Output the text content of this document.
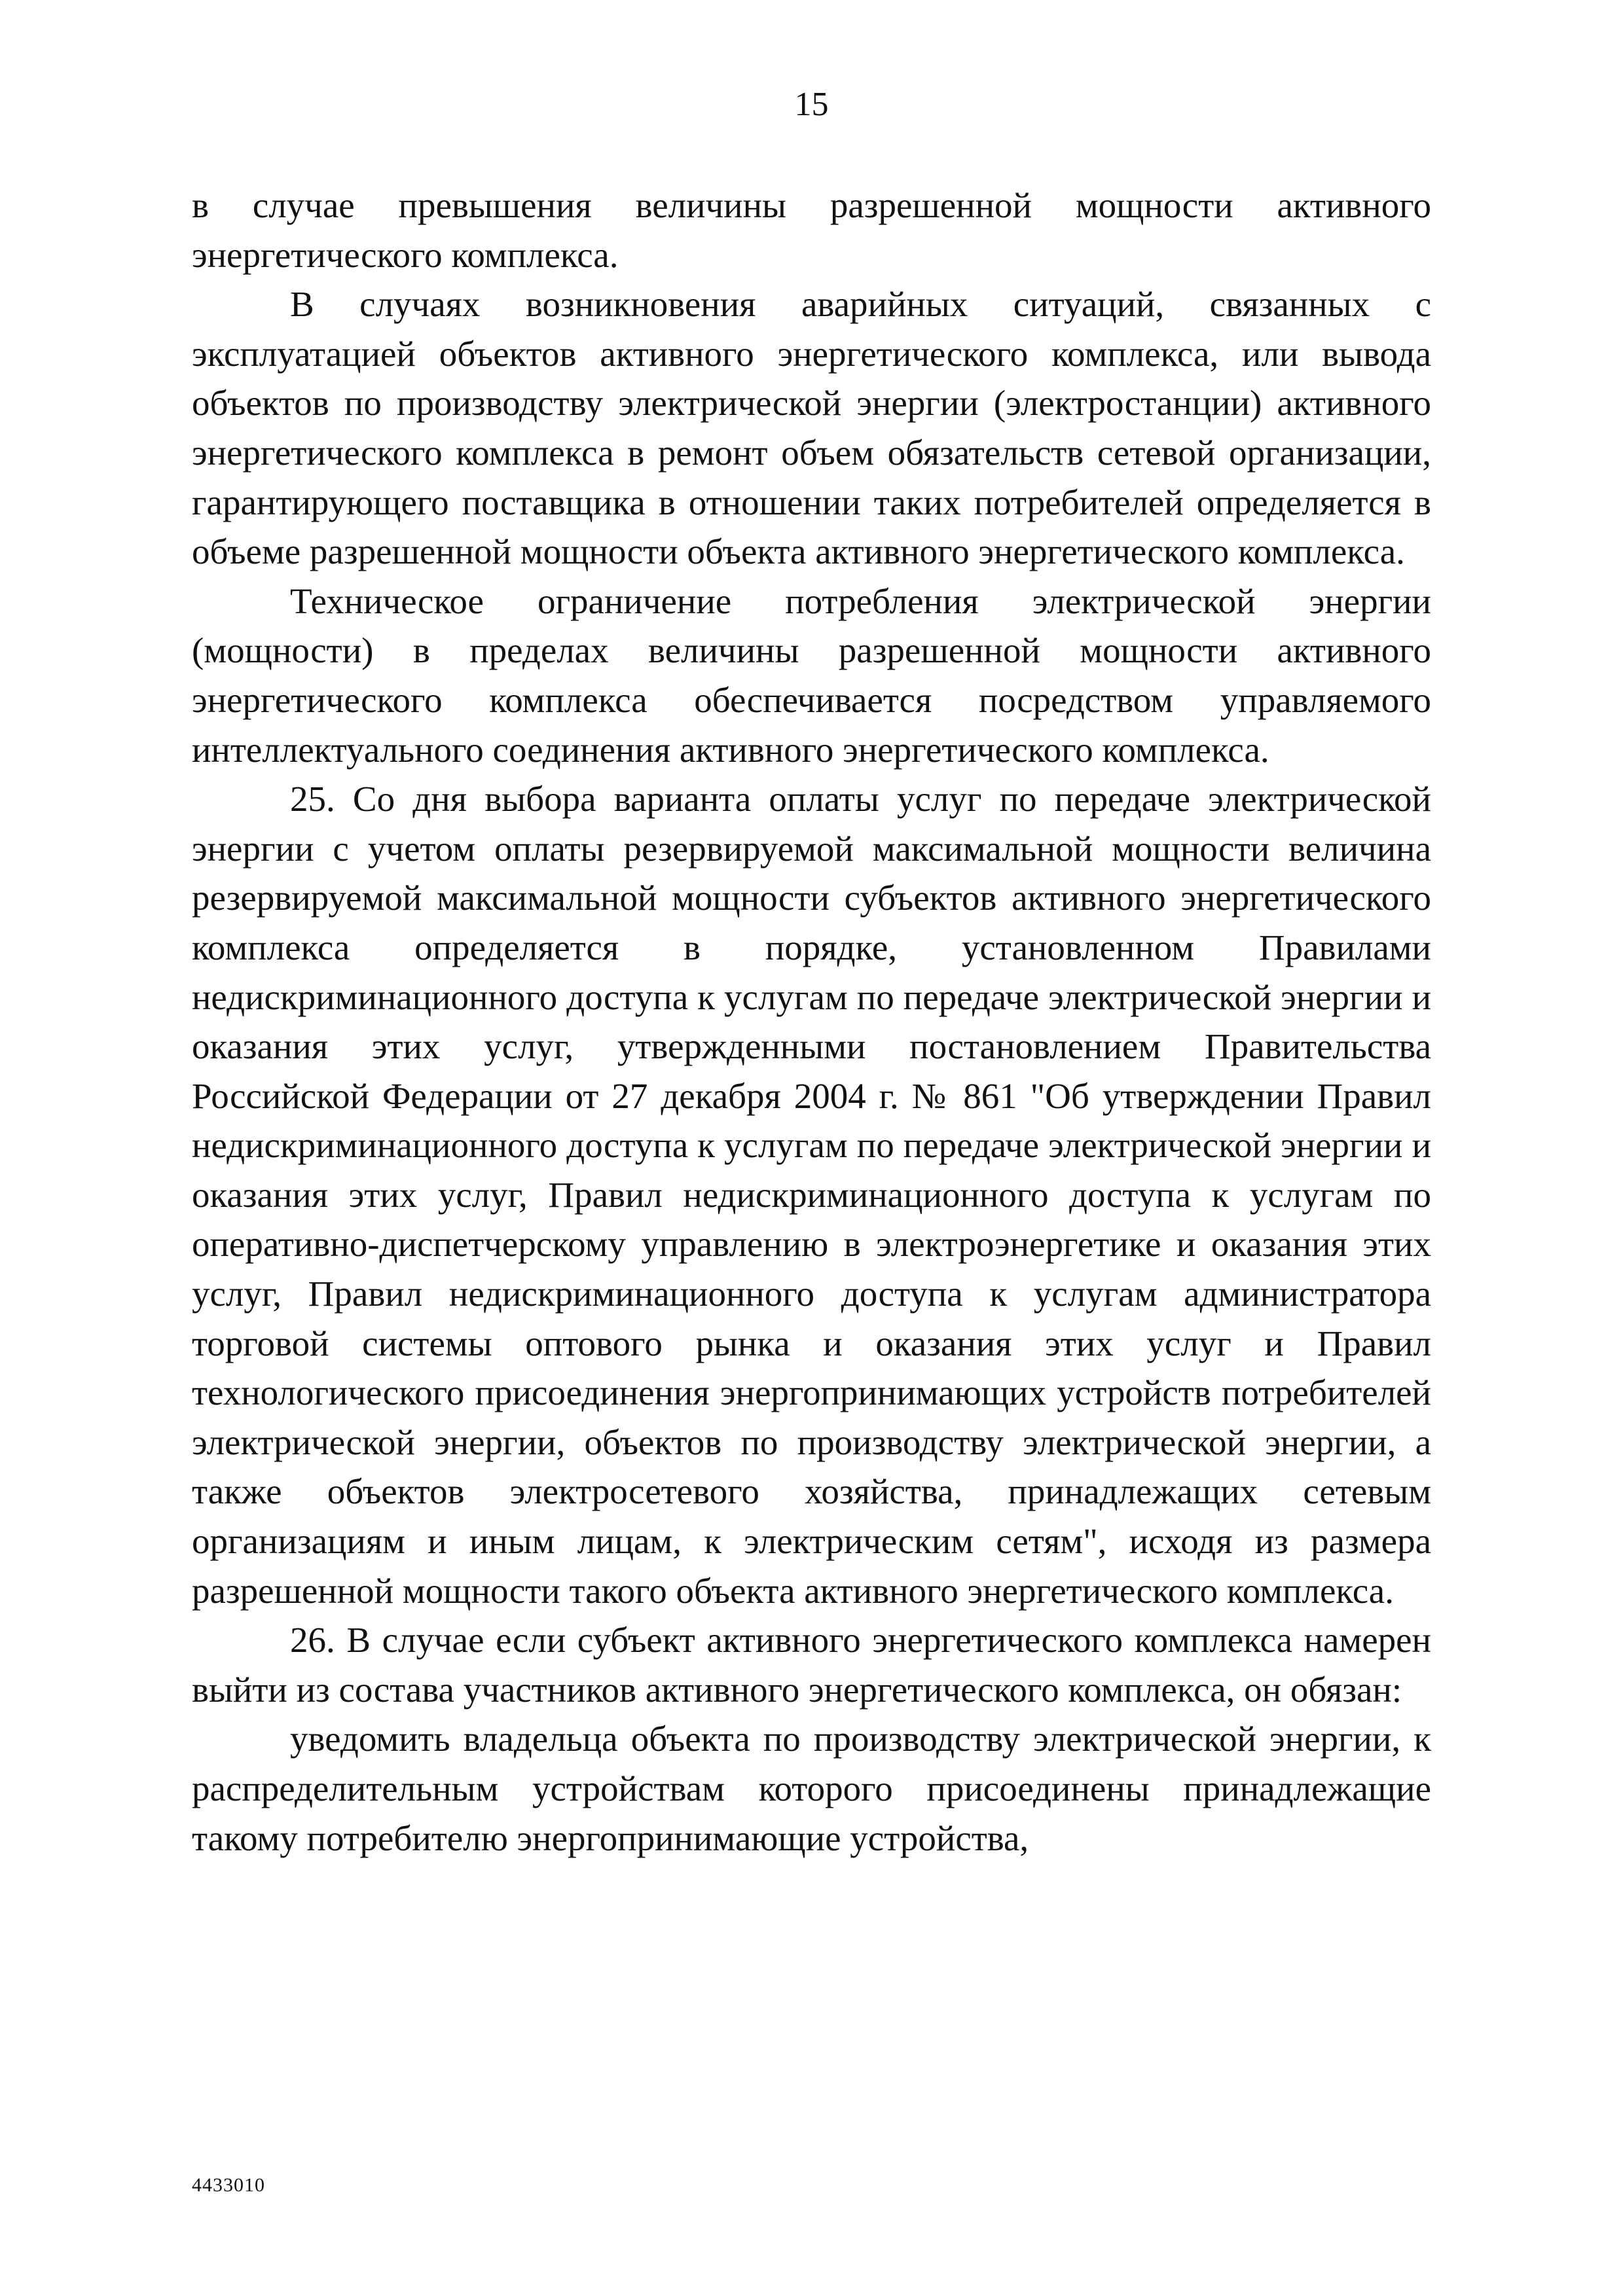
15

в случае превышения величины разрешенной мощности активного энергетического комплекса.

В случаях возникновения аварийных ситуаций, связанных с эксплуатацией объектов активного энергетического комплекса, или вывода объектов по производству электрической энергии (электростанции) активного энергетического комплекса в ремонт объем обязательств сетевой организации, гарантирующего поставщика в отношении таких потребителей определяется в объеме разрешенной мощности объекта активного энергетического комплекса.

Техническое ограничение потребления электрической энергии (мощности) в пределах величины разрешенной мощности активного энергетического комплекса обеспечивается посредством управляемого интеллектуального соединения активного энергетического комплекса.

25. Со дня выбора варианта оплаты услуг по передаче электрической энергии с учетом оплаты резервируемой максимальной мощности величина резервируемой максимальной мощности субъектов активного энергетического комплекса определяется в порядке, установленном Правилами недискриминационного доступа к услугам по передаче электрической энергии и оказания этих услуг, утвержденными постановлением Правительства Российской Федерации от 27 декабря 2004 г. № 861 "Об утверждении Правил недискриминационного доступа к услугам по передаче электрической энергии и оказания этих услуг, Правил недискриминационного доступа к услугам по оперативно-диспетчерскому управлению в электроэнергетике и оказания этих услуг, Правил недискриминационного доступа к услугам администратора торговой системы оптового рынка и оказания этих услуг и Правил технологического присоединения энергопринимающих устройств потребителей электрической энергии, объектов по производству электрической энергии, а также объектов электросетевого хозяйства, принадлежащих сетевым организациям и иным лицам, к электрическим сетям", исходя из размера разрешенной мощности такого объекта активного энергетического комплекса.

26. В случае если субъект активного энергетического комплекса намерен выйти из состава участников активного энергетического комплекса, он обязан:

уведомить владельца объекта по производству электрической энергии, к распределительным устройствам которого присоединены принадлежащие такому потребителю энергопринимающие устройства,

4433010
